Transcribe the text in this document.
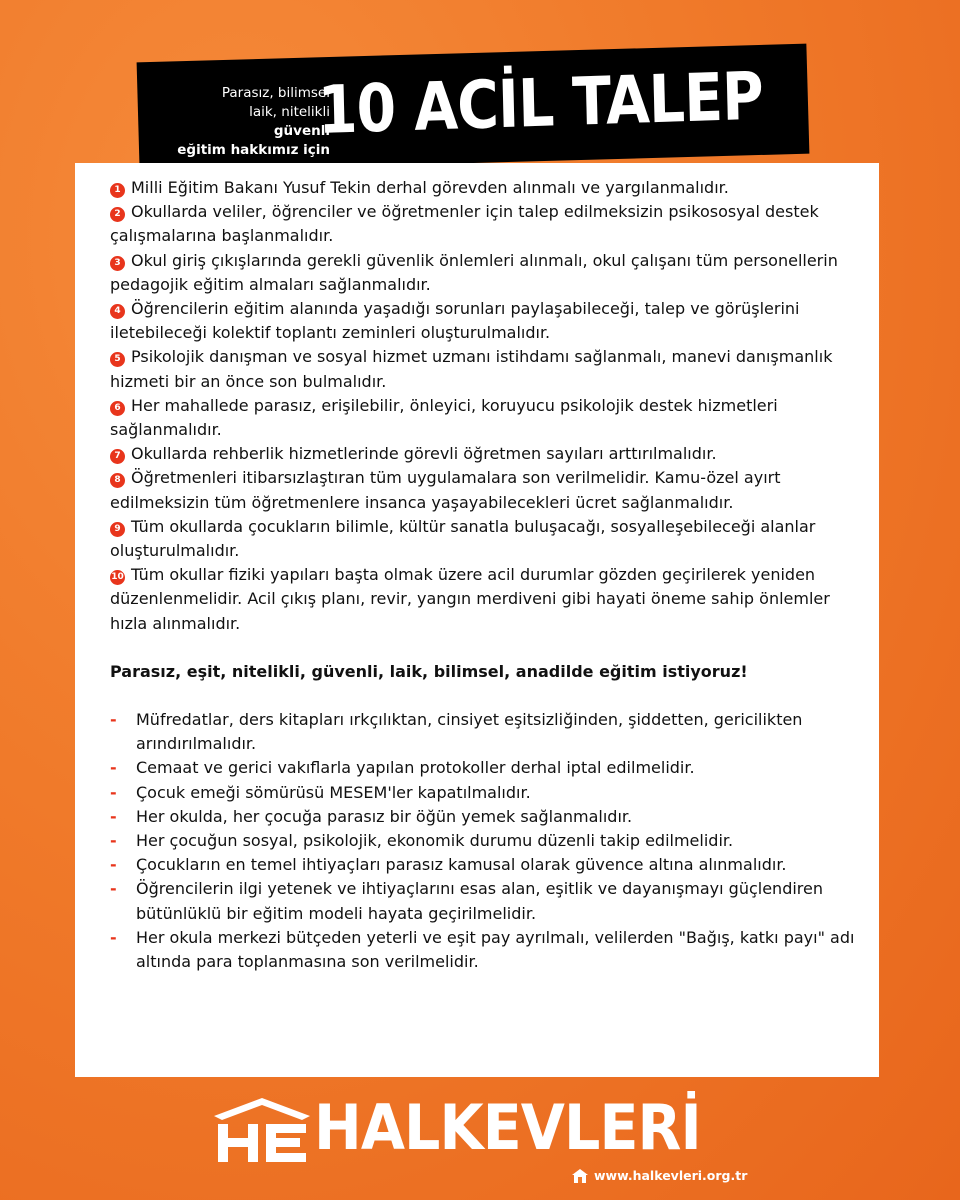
Parasız, bilimsel
laik, nitelikli
güvenli
eğitim hakkımız için
10 ACİL TALEP

1 Milli Eğitim Bakanı Yusuf Tekin derhal görevden alınmalı ve yargılanmalıdır.

2 Okullarda veliler, öğrenciler ve öğretmenler için talep edilmeksizin psikososyal destek çalışmalarına başlanmalıdır.

3 Okul giriş çıkışlarında gerekli güvenlik önlemleri alınmalı, okul çalışanı tüm personellerin pedagojik eğitim almaları sağlanmalıdır.

4 Öğrencilerin eğitim alanında yaşadığı sorunları paylaşabileceği, talep ve görüşlerini iletebileceği kolektif toplantı zeminleri oluşturulmalıdır.

5 Psikolojik danışman ve sosyal hizmet uzmanı istihdamı sağlanmalı, manevi danışmanlık hizmeti bir an önce son bulmalıdır.

6 Her mahallede parasız, erişilebilir, önleyici, koruyucu psikolojik destek hizmetleri sağlanmalıdır.

7 Okullarda rehberlik hizmetlerinde görevli öğretmen sayıları arttırılmalıdır.

8 Öğretmenleri itibarsızlaştıran tüm uygulamalara son verilmelidir. Kamu-özel ayırt edilmeksizin tüm öğretmenlere insanca yaşayabilecekleri ücret sağlanmalıdır.

9 Tüm okullarda çocukların bilimle, kültür sanatla buluşacağı, sosyalleşebileceği alanlar oluşturulmalıdır.

10 Tüm okullar fiziki yapıları başta olmak üzere acil durumlar gözden geçirilerek yeniden düzenlenmelidir. Acil çıkış planı, revir, yangın merdiveni gibi hayati öneme sahip önlemler hızla alınmalıdır.

Parasız, eşit, nitelikli, güvenli, laik, bilimsel, anadilde eğitim istiyoruz!

-	Müfredatlar, ders kitapları ırkçılıktan, cinsiyet eşitsizliğinden, şiddetten, gericilikten arındırılmalıdır.

-	Cemaat ve gerici vakıflarla yapılan protokoller derhal iptal edilmelidir.

-	Çocuk emeği sömürüsü MESEM'ler kapatılmalıdır.

-	Her okulda, her çocuğa parasız bir öğün yemek sağlanmalıdır.

-	Her çocuğun sosyal, psikolojik, ekonomik durumu düzenli takip edilmelidir.

-	Çocukların en temel ihtiyaçları parasız kamusal olarak güvence altına alınmalıdır.

-	Öğrencilerin ilgi yetenek ve ihtiyaçlarını esas alan, eşitlik ve dayanışmayı güçlendiren bütünlüklü bir eğitim modeli hayata geçirilmelidir.

-	Her okula merkezi bütçeden yeterli ve eşit pay ayrılmalı, velilerden "Bağış, katkı payı" adı altında para toplanmasına son verilmelidir.

HALKEVLERİ
www.halkevleri.org.tr
